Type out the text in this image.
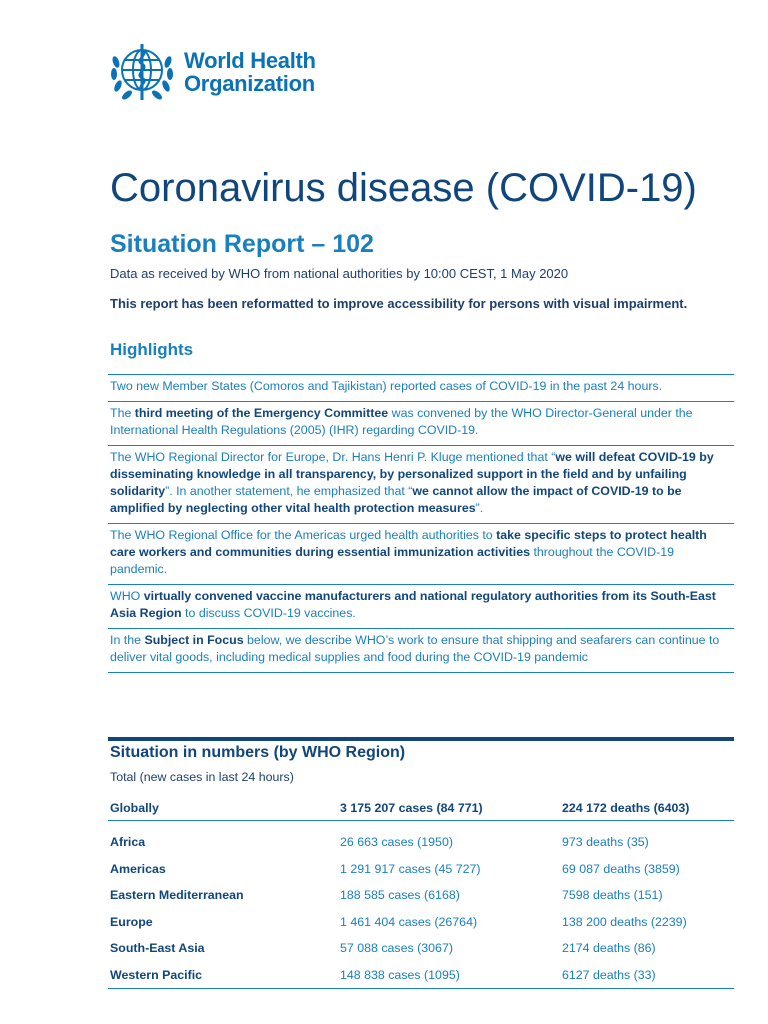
World Health
Organization
Coronavirus disease (COVID-19)
Situation Report – 102
Data as received by WHO from national authorities by 10:00 CEST, 1 May 2020
This report has been reformatted to improve accessibility for persons with visual impairment.
Highlights
Two new Member States (Comoros and Tajikistan) reported cases of COVID-19 in the past 24 hours.
The third meeting of the Emergency Committee was convened by the WHO Director-General under the International Health Regulations (2005) (IHR) regarding COVID-19.
The WHO Regional Director for Europe, Dr. Hans Henri P. Kluge mentioned that “we will defeat COVID-19 by disseminating knowledge in all transparency, by personalized support in the field and by unfailing solidarity”. In another statement, he emphasized that “we cannot allow the impact of COVID-19 to be amplified by neglecting other vital health protection measures”.
The WHO Regional Office for the Americas urged health authorities to take specific steps to protect health care workers and communities during essential immunization activities throughout the COVID-19 pandemic.
WHO virtually convened vaccine manufacturers and national regulatory authorities from its South-East Asia Region to discuss COVID-19 vaccines.
In the Subject in Focus below, we describe WHO’s work to ensure that shipping and seafarers can continue to deliver vital goods, including medical supplies and food during the COVID-19 pandemic
Situation in numbers (by WHO Region)
Total (new cases in last 24 hours)
Globally	3 175 207 cases (84 771)	224 172 deaths (6403)

Africa	26 663 cases (1950)	973 deaths (35)
Americas	1 291 917 cases (45 727)	69 087 deaths (3859)
Eastern Mediterranean	188 585 cases (6168)	7598 deaths (151)
Europe	1 461 404 cases (26764)	138 200 deaths (2239)
South-East Asia	57 088 cases (3067)	2174 deaths (86)
Western Pacific	148 838 cases (1095)	6127 deaths (33)
